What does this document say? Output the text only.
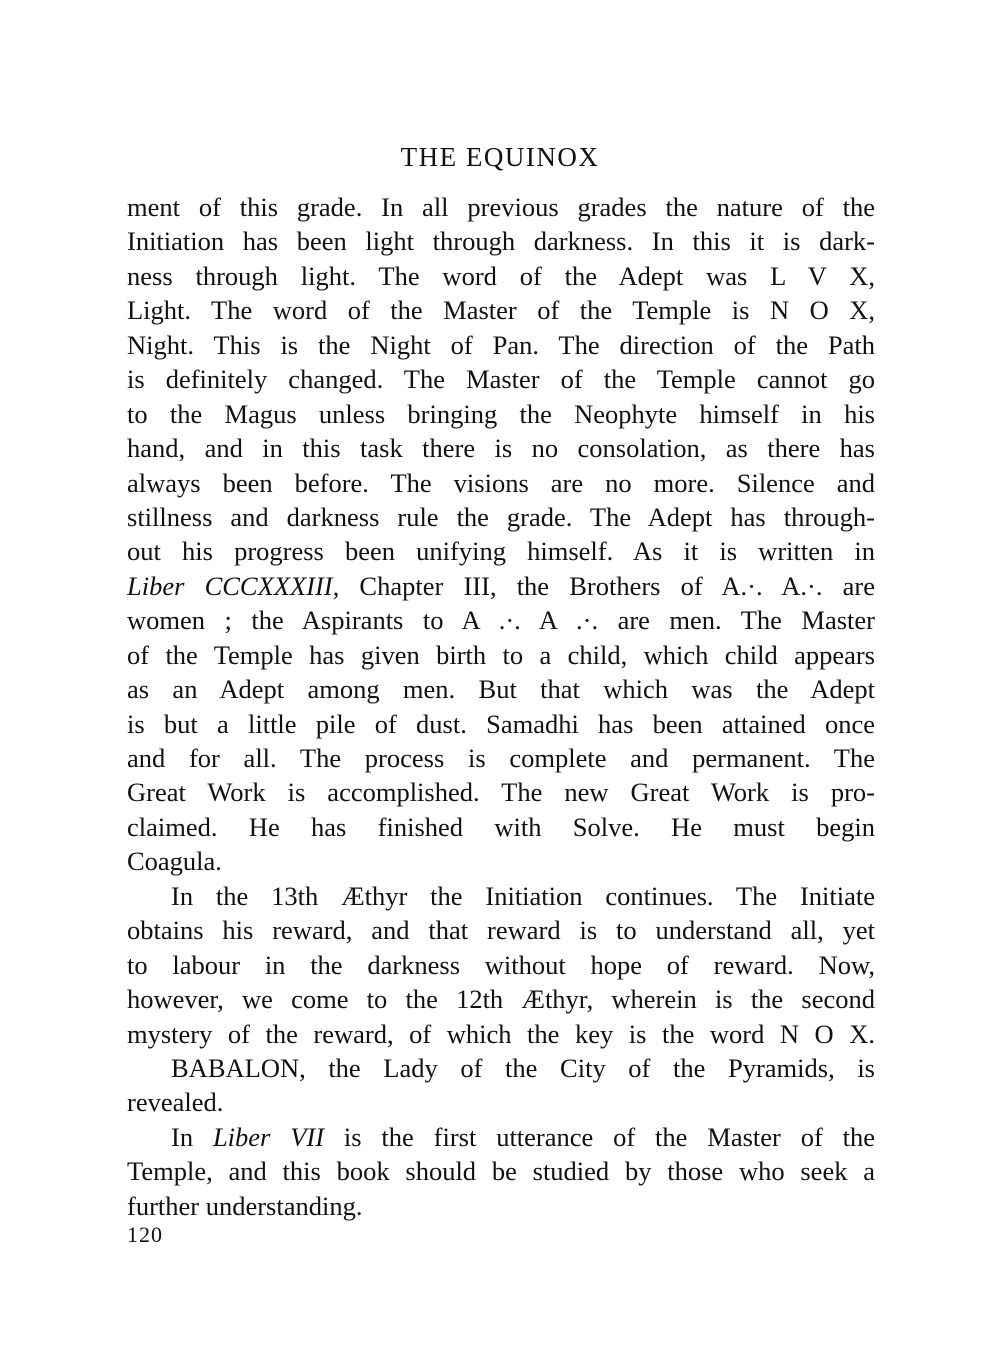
THE EQUINOX
ment of this grade. In all previous grades the nature of the
Initiation has been light through darkness. In this it is dark-
ness through light. The word of the Adept was L V X,
Light. The word of the Master of the Temple is N O X,
Night. This is the Night of Pan. The direction of the Path
is definitely changed. The Master of the Temple cannot go
to the Magus unless bringing the Neophyte himself in his
hand, and in this task there is no consolation, as there has
always been before. The visions are no more. Silence and
stillness and darkness rule the grade. The Adept has through-
out his progress been unifying himself. As it is written in
Liber CCCXXXIII, Chapter III, the Brothers of A.·. A.·. are
women ; the Aspirants to A .·. A .·. are men. The Master
of the Temple has given birth to a child, which child appears
as an Adept among men. But that which was the Adept
is but a little pile of dust. Samadhi has been attained once
and for all. The process is complete and permanent. The
Great Work is accomplished. The new Great Work is pro-
claimed. He has finished with Solve. He must begin
Coagula.
In the 13th Æthyr the Initiation continues. The Initiate
obtains his reward, and that reward is to understand all, yet
to labour in the darkness without hope of reward. Now,
however, we come to the 12th Æthyr, wherein is the second
mystery of the reward, of which the key is the word N O X.
BABALON, the Lady of the City of the Pyramids, is
revealed.
In Liber VII is the first utterance of the Master of the
Temple, and this book should be studied by those who seek a
further understanding.
120
